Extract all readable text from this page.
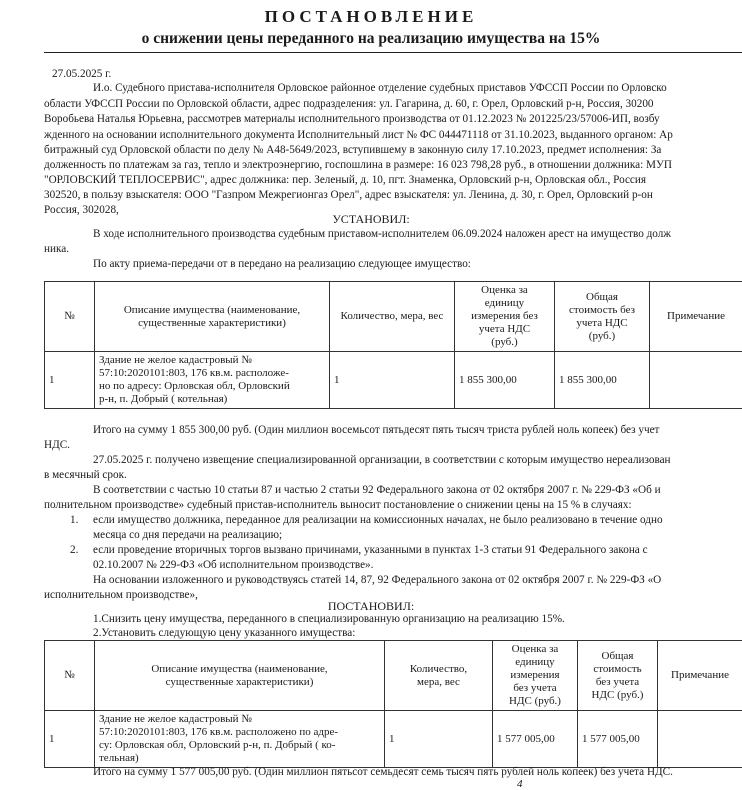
ПОСТАНОВЛЕНИЕ
о снижении цены переданного на реализацию имущества на 15%
27.05.2025 г.
И.о. Судебного пристава-исполнителя Орловское районное отделение судебных приставов УФССП России по Орловско
области УФССП России по Орловской области, адрес подразделения: ул. Гагарина, д. 60, г. Орел, Орловский р-н, Россия, 30200
Воробьева Наталья Юрьевна, рассмотрев материалы исполнительного производства от 01.12.2023 № 201225/23/57006-ИП, возбу
жденного на основании исполнительного документа Исполнительный лист № ФС 044471118 от 31.10.2023, выданного органом: Ар
битражный суд Орловской области по делу № А48-5649/2023, вступившему в законную силу 17.10.2023, предмет исполнения: За
долженность по платежам за газ, тепло и электроэнергию, госпошлина в размере: 16 023 798,28 руб., в отношении должника: МУП
"ОРЛОВСКИЙ ТЕПЛОСЕРВИС", адрес должника: пер. Зеленый, д. 10, пгт. Знаменка, Орловский р-н, Орловская обл., Россия
302520, в пользу взыскателя: ООО "Газпром Межрегионгаз Орел", адрес взыскателя: ул. Ленина, д. 30, г. Орел, Орловский р-он
Россия, 302028,
УСТАНОВИЛ:
В ходе исполнительного производства судебным приставом-исполнителем 06.09.2024 наложен арест на имущество долж
ника.
По акту приема-передачи от в передано на реализацию следующее имущество:
№	Описание имущества (наименование,
существенные характеристики)	Количество, мера, вес	Оценка за
единицу
измерения без
учета НДС
(руб.)	Общая
стоимость без
учета НДС
(руб.)	Примечание
1	Здание не желое кадастровый №
57:10:2020101:803, 176 кв.м. расположе-
но по адресу: Орловская обл, Орловский
р-н, п. Добрый ( котельная)	1	1 855 300,00	1 855 300,00	
Итого на сумму 1 855 300,00 руб. (Один миллион восемьсот пятьдесят пять тысяч триста рублей ноль копеек) без учет
НДС.
27.05.2025 г. получено извещение специализированной организации, в соответствии с которым имущество нереализован
в месячный срок.
В соответствии с частью 10 статьи 87 и частью 2 статьи 92 Федерального закона от 02 октября 2007 г. № 229-ФЗ «Об и
полнительном производстве» судебный пристав-исполнитель выносит постановление о снижении цены на 15 % в случаях:
1. если имущество должника, переданное для реализации на комиссионных началах, не было реализовано в течение одно
месяца со дня передачи на реализацию;
2. если проведение вторичных торгов вызвано причинами, указанными в пунктах 1-3 статьи 91 Федерального закона с
02.10.2007 № 229-ФЗ «Об исполнительном производстве».
На основании изложенного и руководствуясь статей 14, 87, 92 Федерального закона от 02 октября 2007 г. № 229-ФЗ «О
исполнительном производстве»,
ПОСТАНОВИЛ:
1.Снизить цену имущества, переданного в специализированную организацию на реализацию 15%.
2.Установить следующую цену указанного имущества:
№	Описание имущества (наименование,
существенные характеристики)	Количество,
мера, вес	Оценка за
единицу
измерения
без учета
НДС (руб.)	Общая
стоимость
без учета
НДС (руб.)	Примечание
1	Здание не желое кадастровый №
57:10:2020101:803, 176 кв.м. расположено по адре-
су: Орловская обл, Орловский р-н, п. Добрый ( ко-
тельная)	1	1 577 005,00	1 577 005,00	
Итого на сумму 1 577 005,00 руб. (Один миллион пятьсот семьдесят семь тысяч пять рублей ноль копеек) без учета НДС.
4
